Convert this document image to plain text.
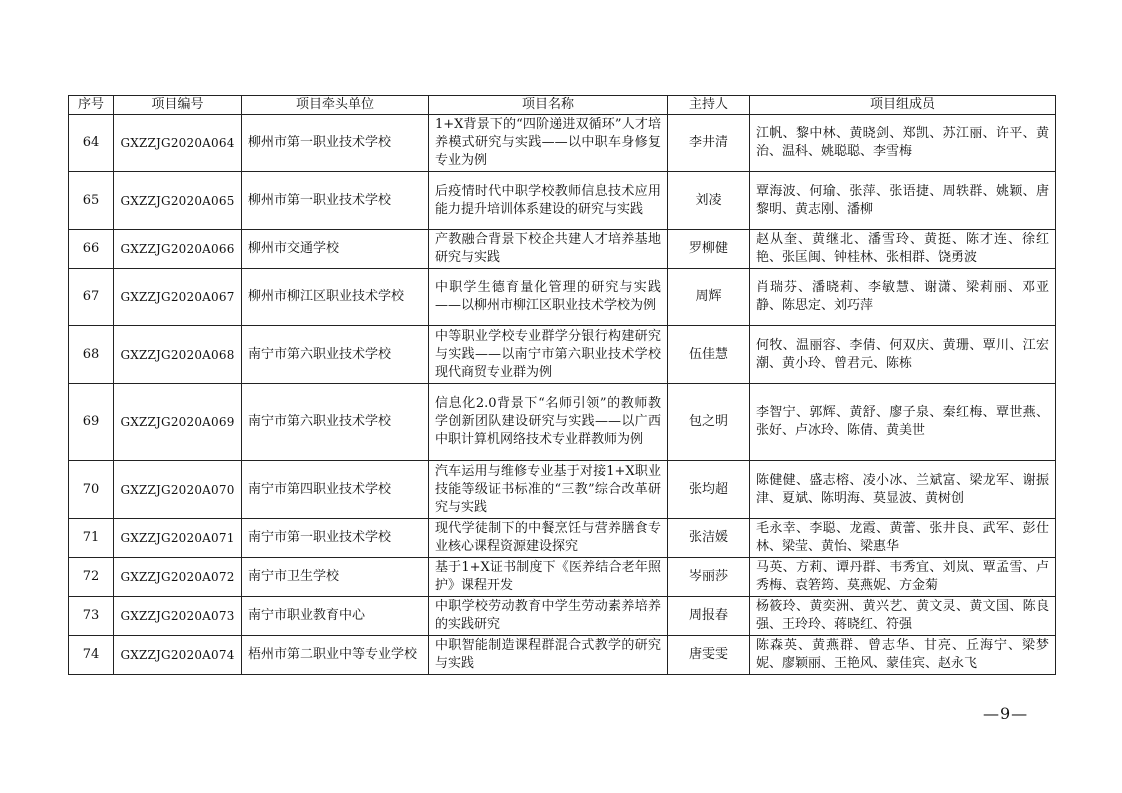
序号	项目编号	项目牵头单位	项目名称	主持人	项目组成员
64	GXZZJG2020A064	柳州市第一职业技术学校	1+X背景下的“四阶递进双循环”人才培养模式研究与实践——以中职车身修复专业为例	李井清	江帆、黎中林、黄晓剑、郑凯、苏江丽、许平、黄治、温科、姚聪聪、李雪梅
65	GXZZJG2020A065	柳州市第一职业技术学校	后疫情时代中职学校教师信息技术应用能力提升培训体系建设的研究与实践	刘凌	覃海波、何瑜、张萍、张语捷、周轶群、姚颖、唐黎明、黄志刚、潘柳
66	GXZZJG2020A066	柳州市交通学校	产教融合背景下校企共建人才培养基地研究与实践	罗柳健	赵从奎、黄继北、潘雪玲、黄挺、陈才连、徐红艳、张匡闽、钟桂林、张相群、饶勇波
67	GXZZJG2020A067	柳州市柳江区职业技术学校	中职学生德育量化管理的研究与实践——以柳州市柳江区职业技术学校为例	周辉	肖瑞芬、潘晓莉、李敏慧、谢潇、梁莉丽、邓亚静、陈思定、刘巧萍
68	GXZZJG2020A068	南宁市第六职业技术学校	中等职业学校专业群学分银行构建研究与实践——以南宁市第六职业技术学校现代商贸专业群为例	伍佳慧	何牧、温丽容、李倩、何双庆、黄珊、覃川、江宏潮、黄小玲、曾君元、陈栋
69	GXZZJG2020A069	南宁市第六职业技术学校	信息化2.0背景下“名师引领”的教师教学创新团队建设研究与实践——以广西中职计算机网络技术专业群教师为例	包之明	李智宁、郭辉、黄舒、廖子泉、秦红梅、覃世燕、张好、卢冰玲、陈倩、黄美世
70	GXZZJG2020A070	南宁市第四职业技术学校	汽车运用与维修专业基于对接1+X职业技能等级证书标准的“三教”综合改革研究与实践	张均超	陈健健、盛志榕、凌小冰、兰斌富、梁龙军、谢振津、夏斌、陈明海、莫显波、黄树创
71	GXZZJG2020A071	南宁市第一职业技术学校	现代学徒制下的中餐烹饪与营养膳食专业核心课程资源建设探究	张洁媛	毛永幸、李聪、龙霞、黄蕾、张井良、武军、彭仕林、梁莹、黄怡、梁惠华
72	GXZZJG2020A072	南宁市卫生学校	基于1+X证书制度下《医养结合老年照护》课程开发	岑丽莎	马英、方莉、谭丹群、韦秀宜、刘岚、覃孟雪、卢秀梅、袁箬筠、莫燕妮、方金菊
73	GXZZJG2020A073	南宁市职业教育中心	中职学校劳动教育中学生劳动素养培养的实践研究	周报春	杨筱玲、黄奕洲、黄兴艺、黄文灵、黄文国、陈良强、王玲玲、蒋晓红、符强
74	GXZZJG2020A074	梧州市第二职业中等专业学校	中职智能制造课程群混合式教学的研究与实践	唐雯雯	陈森英、黄燕群、曾志华、甘亮、丘海宁、梁梦妮、廖颖丽、王艳风、蒙佳宾、赵永飞
—9—
